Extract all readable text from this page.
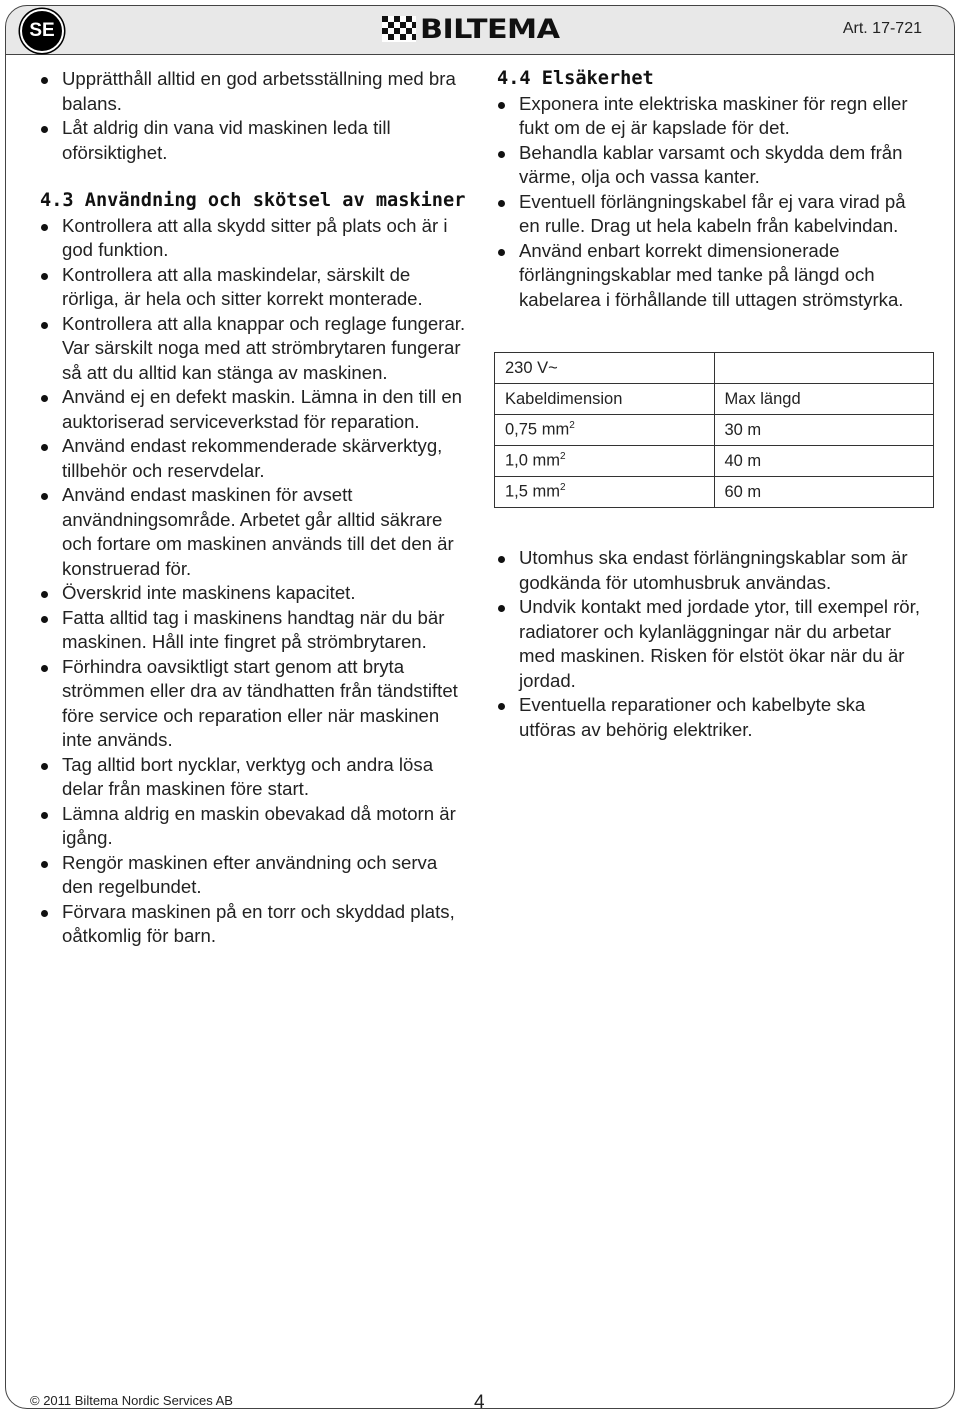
SE	BILTEMA	Art. 17-721
Upprätthåll alltid en god arbetsställning med bra balans.
Låt aldrig din vana vid maskinen leda till oförsiktighet.
4.3 Användning och skötsel av maskiner
Kontrollera att alla skydd sitter på plats och är i god funktion.
Kontrollera att alla maskindelar, särskilt de rörliga, är hela och sitter korrekt monterade.
Kontrollera att alla knappar och reglage fungerar. Var särskilt noga med att strömbrytaren fungerar så att du alltid kan stänga av maskinen.
Använd ej en defekt maskin. Lämna in den till en auktoriserad serviceverkstad för reparation.
Använd endast rekommenderade skärverktyg, tillbehör och reservdelar.
Använd endast maskinen för avsett användningsområde. Arbetet går alltid säkrare och fortare om maskinen används till det den är konstruerad för.
Överskrid inte maskinens kapacitet.
Fatta alltid tag i maskinens handtag när du bär maskinen. Håll inte fingret på strömbrytaren.
Förhindra oavsiktligt start genom att bryta strömmen eller dra av tändhatten från tändstiftet före service och reparation eller när maskinen inte används.
Tag alltid bort nycklar, verktyg och andra lösa delar från maskinen före start.
Lämna aldrig en maskin obevakad då motorn är igång.
Rengör maskinen efter användning och serva den regelbundet.
Förvara maskinen på en torr och skyddad plats, oåtkomlig för barn.
4.4 Elsäkerhet
Exponera inte elektriska maskiner för regn eller fukt om de ej är kapslade för det.
Behandla kablar varsamt och skydda dem från värme, olja och vassa kanter.
Eventuell förlängningskabel får ej vara virad på en rulle. Drag ut hela kabeln från kabelvindan.
Använd enbart korrekt dimensionerade förlängningskablar med tanke på längd och kabelarea i förhållande till uttagen strömstyrka.
230 V~	
Kabeldimension	Max längd
0,75 $mm^2$	30 m
1,0 $mm^2$	40 m
1,5 $mm^2$	60 m
Utomhus ska endast förlängningskablar som är godkända för utomhusbruk användas.
Undvik kontakt med jordade ytor, till exempel rör, radiatorer och kylanläggningar när du arbetar med maskinen. Risken för elstöt ökar när du är jordad.
Eventuella reparationer och kabelbyte ska utföras av behörig elektriker.
© 2011 Biltema Nordic Services AB	4
